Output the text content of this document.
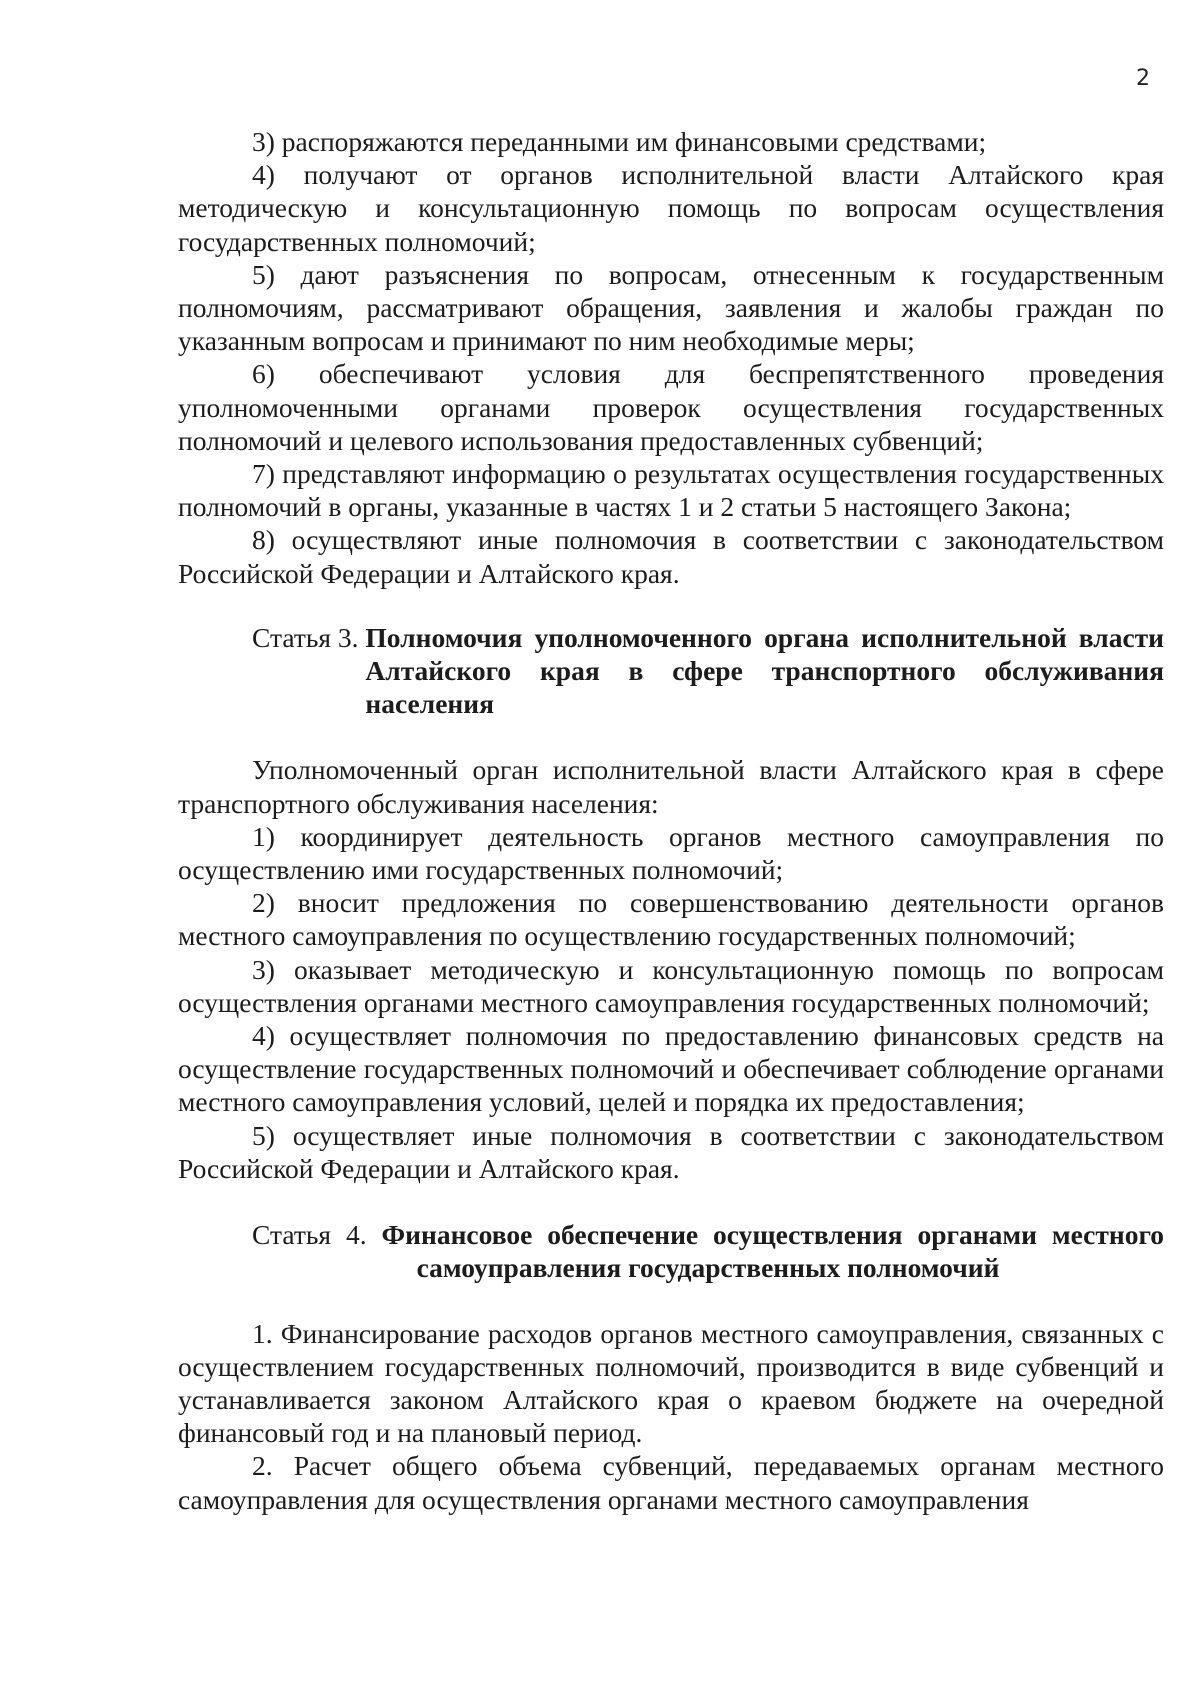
2

3) распоряжаются переданными им финансовыми средствами;

4) получают от органов исполнительной власти Алтайского края методическую и консультационную помощь по вопросам осуществления государственных полномочий;

5) дают разъяснения по вопросам, отнесенным к государственным полномочиям, рассматривают обращения, заявления и жалобы граждан по указанным вопросам и принимают по ним необходимые меры;

6) обеспечивают условия для беспрепятственного проведения уполномоченными органами проверок осуществления государственных полномочий и целевого использования предоставленных субвенций;

7) представляют информацию о результатах осуществления государственных полномочий в органы, указанные в частях 1 и 2 статьи 5 настоящего Закона;

8) осуществляют иные полномочия в соответствии с законодательством Российской Федерации и Алтайского края.

Статья 3. Полномочия уполномоченного органа исполнительной власти Алтайского края в сфере транспортного обслуживания населения

Уполномоченный орган исполнительной власти Алтайского края в сфере транспортного обслуживания населения:

1) координирует деятельность органов местного самоуправления по осуществлению ими государственных полномочий;

2) вносит предложения по совершенствованию деятельности органов местного самоуправления по осуществлению государственных полномочий;

3) оказывает методическую и консультационную помощь по вопросам осуществления органами местного самоуправления государственных полномочий;

4) осуществляет полномочия по предоставлению финансовых средств на осуществление государственных полномочий и обеспечивает соблюдение органами местного самоуправления условий, целей и порядка их предоставления;

5) осуществляет иные полномочия в соответствии с законодательством Российской Федерации и Алтайского края.

Статья 4. Финансовое обеспечение осуществления органами местного самоуправления государственных полномочий

1. Финансирование расходов органов местного самоуправления, связанных с осуществлением государственных полномочий, производится в виде субвенций и устанавливается законом Алтайского края о краевом бюджете на очередной финансовый год и на плановый период.

2. Расчет общего объема субвенций, передаваемых органам местного самоуправления для осуществления органами местного самоуправления
